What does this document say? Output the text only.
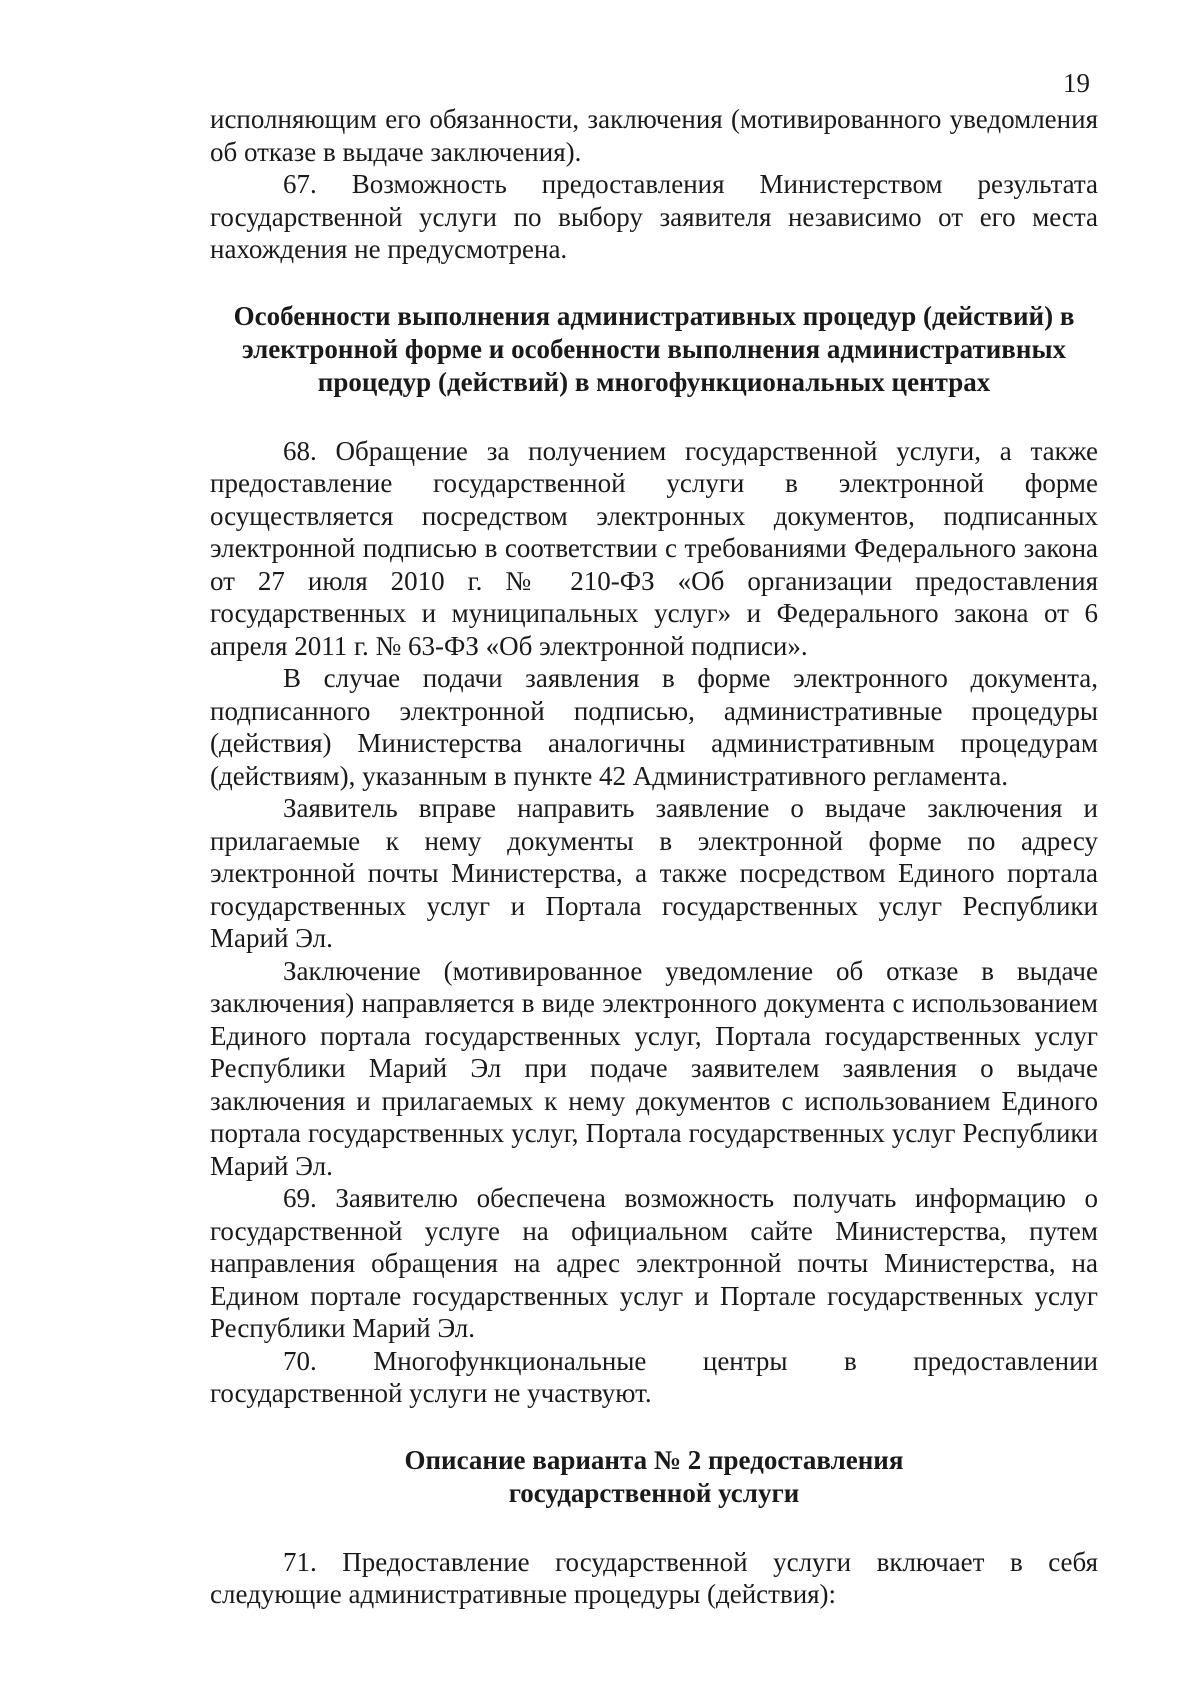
19

исполняющим его обязанности, заключения (мотивированного уведомления об отказе в выдаче заключения).

67. Возможность предоставления Министерством результата государственной услуги по выбору заявителя независимо от его места нахождения не предусмотрена.

Особенности выполнения административных процедур (действий) в электронной форме и особенности выполнения административных процедур (действий) в многофункциональных центрах

68. Обращение за получением государственной услуги, а также предоставление государственной услуги в электронной форме осуществляется посредством электронных документов, подписанных электронной подписью в соответствии с требованиями Федерального закона от 27 июля 2010 г. № 210-ФЗ «Об организации предоставления государственных и муниципальных услуг» и Федерального закона от 6 апреля 2011 г. № 63-ФЗ «Об электронной подписи».

В случае подачи заявления в форме электронного документа, подписанного электронной подписью, административные процедуры (действия) Министерства аналогичны административным процедурам (действиям), указанным в пункте 42 Административного регламента.

Заявитель вправе направить заявление о выдаче заключения и прилагаемые к нему документы в электронной форме по адресу электронной почты Министерства, а также посредством Единого портала государственных услуг и Портала государственных услуг Республики Марий Эл.

Заключение (мотивированное уведомление об отказе в выдаче заключения) направляется в виде электронного документа с использованием Единого портала государственных услуг, Портала государственных услуг Республики Марий Эл при подаче заявителем заявления о выдаче заключения и прилагаемых к нему документов с использованием Единого портала государственных услуг, Портала государственных услуг Республики Марий Эл.

69. Заявителю обеспечена возможность получать информацию о государственной услуге на официальном сайте Министерства, путем направления обращения на адрес электронной почты Министерства, на Едином портале государственных услуг и Портале государственных услуг Республики Марий Эл.

70. Многофункциональные центры в предоставлении государственной услуги не участвуют.

Описание варианта № 2 предоставления государственной услуги

71. Предоставление государственной услуги включает в себя следующие административные процедуры (действия):
